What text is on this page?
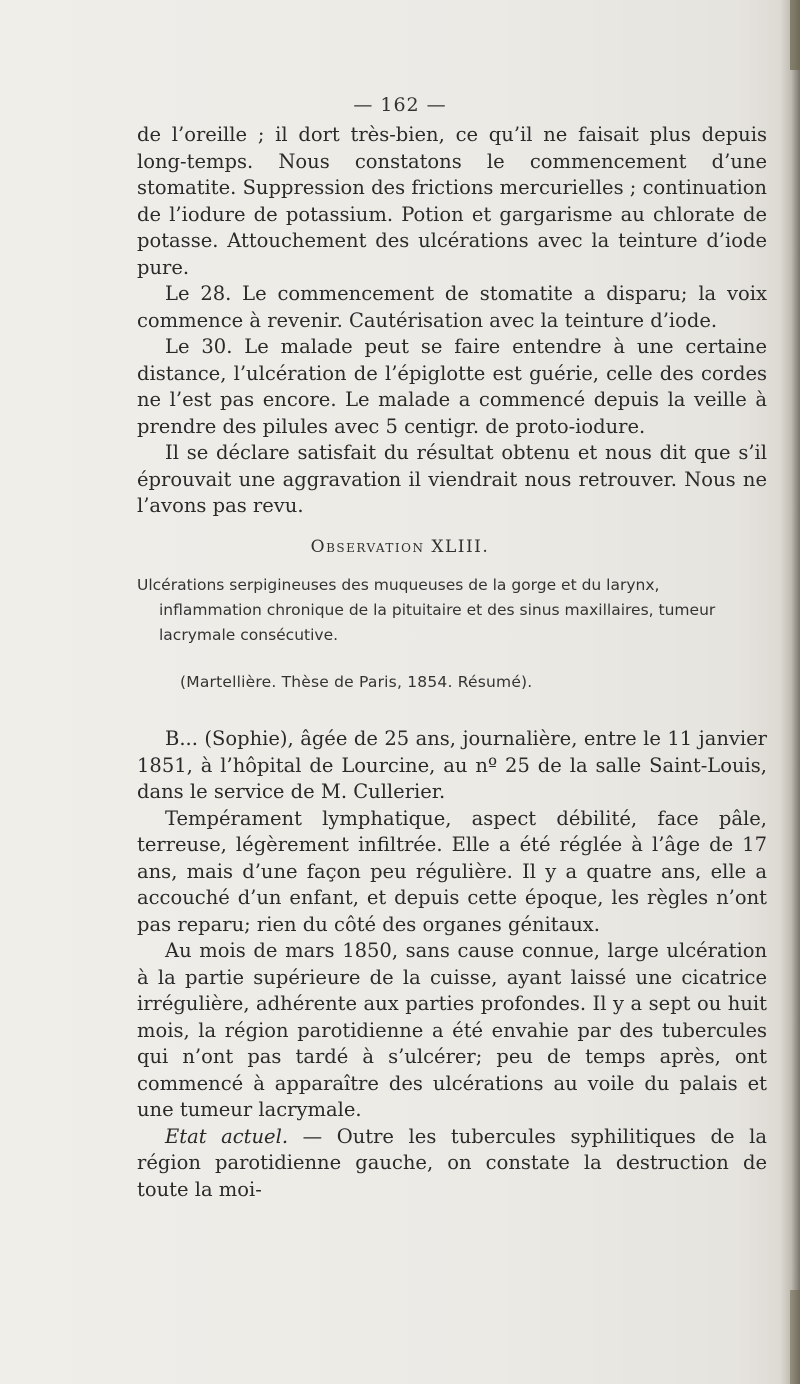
— 162 —

de l’oreille ; il dort très-bien, ce qu’il ne faisait plus depuis long-temps. Nous constatons le commencement d’une stomatite. Suppression des frictions mercurielles ; continuation de l’iodure de potassium. Potion et gargarisme au chlorate de potasse. Attouchement des ulcérations avec la teinture d’iode pure.

Le 28. Le commencement de stomatite a disparu; la voix commence à revenir. Cautérisation avec la teinture d’iode.

Le 30. Le malade peut se faire entendre à une certaine distance, l’ulcération de l’épiglotte est guérie, celle des cordes ne l’est pas encore. Le malade a commencé depuis la veille à prendre des pilules avec 5 centigr. de proto-iodure.

Il se déclare satisfait du résultat obtenu et nous dit que s’il éprouvait une aggravation il viendrait nous retrouver. Nous ne l’avons pas revu.

Observation XLIII.

Ulcérations serpigineuses des muqueuses de la gorge et du larynx, inflammation chronique de la pituitaire et des sinus maxillaires, tumeur lacrymale consécutive.

(Martellière. Thèse de Paris, 1854. Résumé).

B... (Sophie), âgée de 25 ans, journalière, entre le 11 janvier 1851, à l’hôpital de Lourcine, au nº 25 de la salle Saint-Louis, dans le service de M. Cullerier.

Tempérament lymphatique, aspect débilité, face pâle, terreuse, légèrement infiltrée. Elle a été réglée à l’âge de 17 ans, mais d’une façon peu régulière. Il y a quatre ans, elle a accouché d’un enfant, et depuis cette époque, les règles n’ont pas reparu; rien du côté des organes génitaux.

Au mois de mars 1850, sans cause connue, large ulcération à la partie supérieure de la cuisse, ayant laissé une cicatrice irrégulière, adhérente aux parties profondes. Il y a sept ou huit mois, la région parotidienne a été envahie par des tubercules qui n’ont pas tardé à s’ulcérer; peu de temps après, ont commencé à apparaître des ulcérations au voile du palais et une tumeur lacrymale.

Etat actuel. — Outre les tubercules syphilitiques de la région parotidienne gauche, on constate la destruction de toute la moi-
